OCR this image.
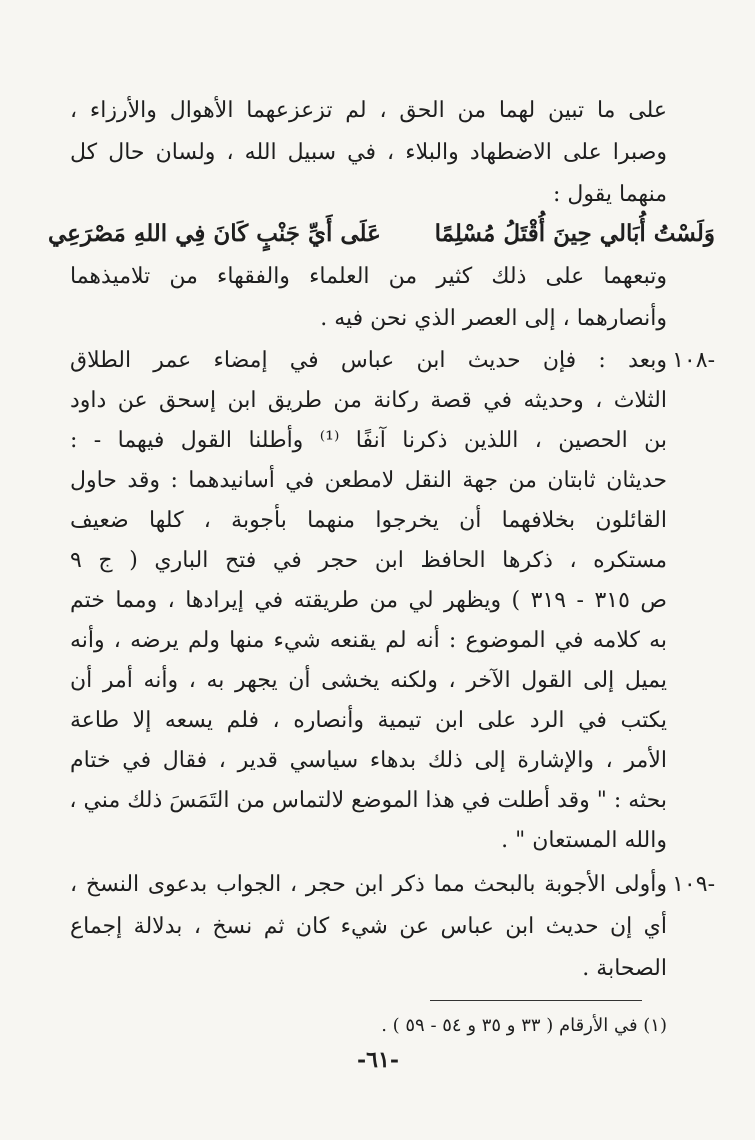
على ما تبين لهما من الحق ، لم تزعزعهما الأهوال والأرزاء ،
وصبرا على الاضطهاد والبلاء ، في سبيل الله ، ولسان حال كل
منهما يقول :
وَلَسْتُ أُبَالي حِينَ أُقْتَلُ مُسْلِمًا
عَلَى أَيِّ جَنْبٍ كَانَ فِي اللهِ مَصْرَعِي
وتبعهما على ذلك كثير من العلماء والفقهاء من تلاميذهما
وأنصارهما ، إلى العصر الذي نحن فيه .
١٠٨-
وبعد : فإن حديث ابن عباس في إمضاء عمر الطلاق
الثلاث ، وحديثه في قصة ركانة من طريق ابن إسحق عن داود
بن الحصين ، اللذين ذكرنا آنفًا ⁽¹⁾ وأطلنا القول فيهما - :
حديثان ثابتان من جهة النقل لامطعن في أسانيدهما : وقد حاول
القائلون بخلافهما أن يخرجوا منهما بأجوبة ، كلها ضعيف
مستكره ، ذكرها الحافظ ابن حجر في فتح الباري ( ج ٩
ص ٣١٥ - ٣١٩ ) ويظهر لي من طريقته في إيرادها ، ومما ختم
به كلامه في الموضوع : أنه لم يقنعه شيء منها ولم يرضه ، وأنه
يميل إلى القول الآخر ، ولكنه يخشى أن يجهر به ، وأنه أمر أن
يكتب في الرد على ابن تيمية وأنصاره ، فلم يسعه إلا طاعة
الأمر ، والإشارة إلى ذلك بدهاء سياسي قدير ، فقال في ختام
بحثه : " وقد أطلت في هذا الموضع لالتماس من التَمَسَ ذلك مني ،
والله المستعان " .
١٠٩-
وأولى الأجوبة بالبحث مما ذكر ابن حجر ، الجواب بدعوى النسخ ،
أي إن حديث ابن عباس عن شيء كان ثم نسخ ، بدلالة إجماع
الصحابة .
(١) في الأرقام ( ٣٣ و ٣٥ و ٥٤ - ٥٩ ) .
-٦١-
